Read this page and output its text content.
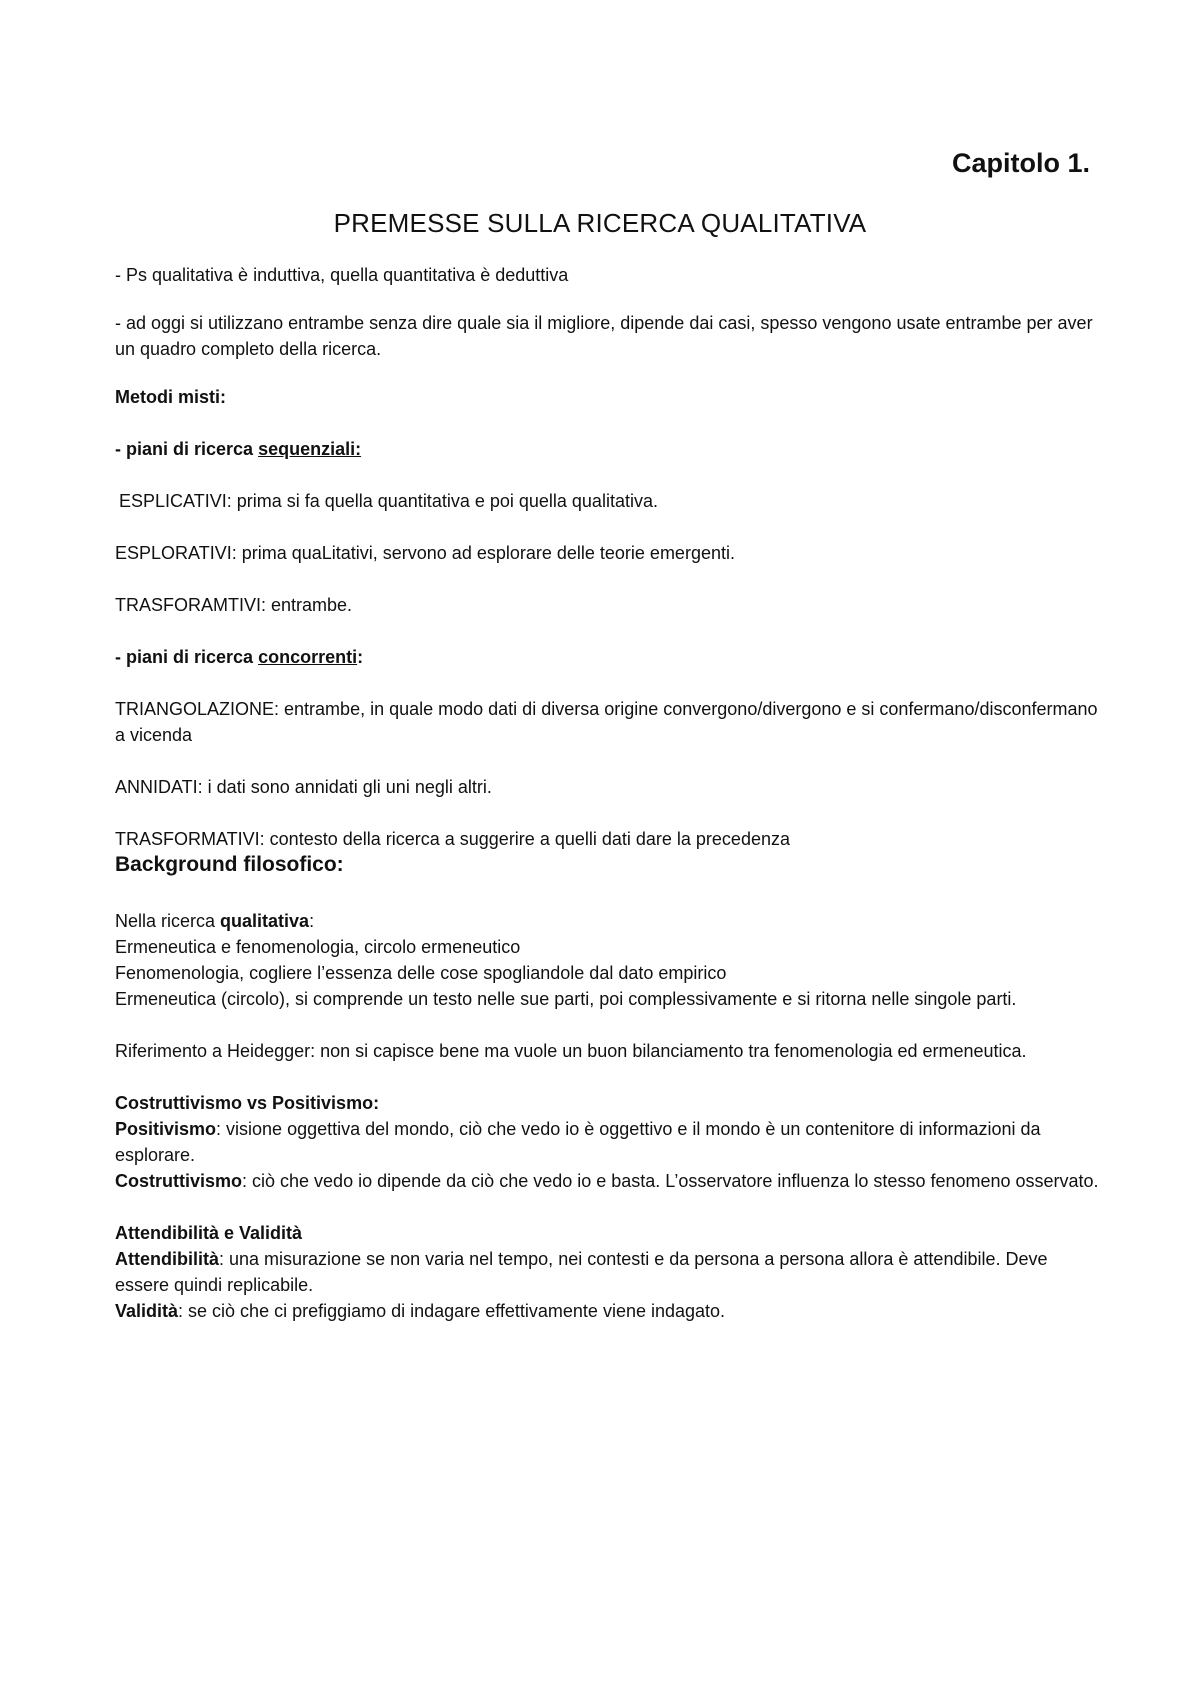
Capitolo 1.
PREMESSE SULLA RICERCA QUALITATIVA

- Ps qualitativa è induttiva, quella quantitativa è deduttiva

- ad oggi si utilizzano entrambe senza dire quale sia il migliore, dipende dai casi, spesso vengono usate entrambe per aver un quadro completo della ricerca.

Metodi misti:

- piani di ricerca sequenziali:

ESPLICATIVI: prima si fa quella quantitativa e poi quella qualitativa.

ESPLORATIVI: prima quaLitativi, servono ad esplorare delle teorie emergenti.

TRASFORAMTIVI: entrambe.

- piani di ricerca concorrenti:

TRIANGOLAZIONE: entrambe, in quale modo dati di diversa origine convergono/divergono e si confermano/disconfermano a vicenda

ANNIDATI: i dati sono annidati gli uni negli altri.

TRASFORMATIVI: contesto della ricerca a suggerire a quelli dati dare la precedenza

Background filosofico:

Nella ricerca qualitativa:

Ermeneutica e fenomenologia, circolo ermeneutico

Fenomenologia, cogliere l’essenza delle cose spogliandole dal dato empirico

Ermeneutica (circolo), si comprende un testo nelle sue parti, poi complessivamente e si ritorna nelle singole parti.

Riferimento a Heidegger: non si capisce bene ma vuole un buon bilanciamento tra fenomenologia ed ermeneutica.

Costruttivismo vs Positivismo:

Positivismo: visione oggettiva del mondo, ciò che vedo io è oggettivo e il mondo è un contenitore di informazioni da esplorare.

Costruttivismo: ciò che vedo io dipende da ciò che vedo io e basta. L’osservatore influenza lo stesso fenomeno osservato.

Attendibilità e Validità

Attendibilità: una misurazione se non varia nel tempo, nei contesti e da persona a persona allora è attendibile. Deve essere quindi replicabile.

Validità: se ciò che ci prefiggiamo di indagare effettivamente viene indagato.
